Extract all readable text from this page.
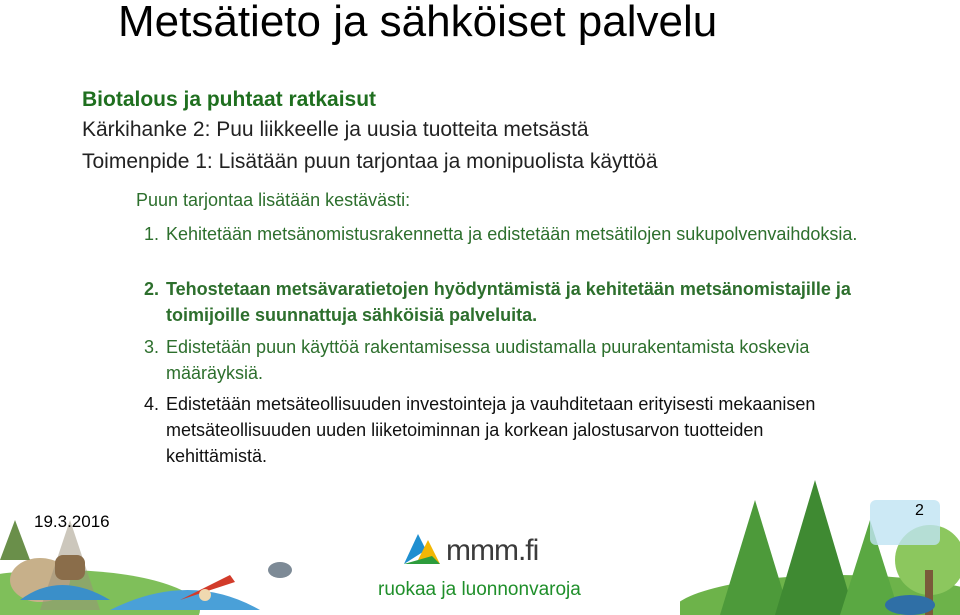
Metsätieto ja sähköiset palvelu

Biotalous ja puhtaat ratkaisut

Kärkihanke 2: Puu liikkeelle ja uusia tuotteita metsästä

Toimenpide 1: Lisätään puun tarjontaa ja monipuolista käyttöä

Puun tarjontaa lisätään kestävästi:

1. Kehitetään metsänomistusrakennetta ja edistetään metsätilojen sukupolvenvaihdoksia.
2. Tehostetaan metsävaratietojen hyödyntämistä ja kehitetään metsänomistajille ja toimijoille suunnattuja sähköisiä palveluita.
3. Edistetään puun käyttöä rakentamisessa uudistamalla puurakentamista koskevia määräyksiä.
4. Edistetään metsäteollisuuden investointeja ja vauhditetaan erityisesti mekaanisen metsäteollisuuden uuden liiketoiminnan ja korkean jalostusarvon tuotteiden kehittämistä.
19.3.2016
2
mmm.fi
ruokaa ja luonnonvaroja
